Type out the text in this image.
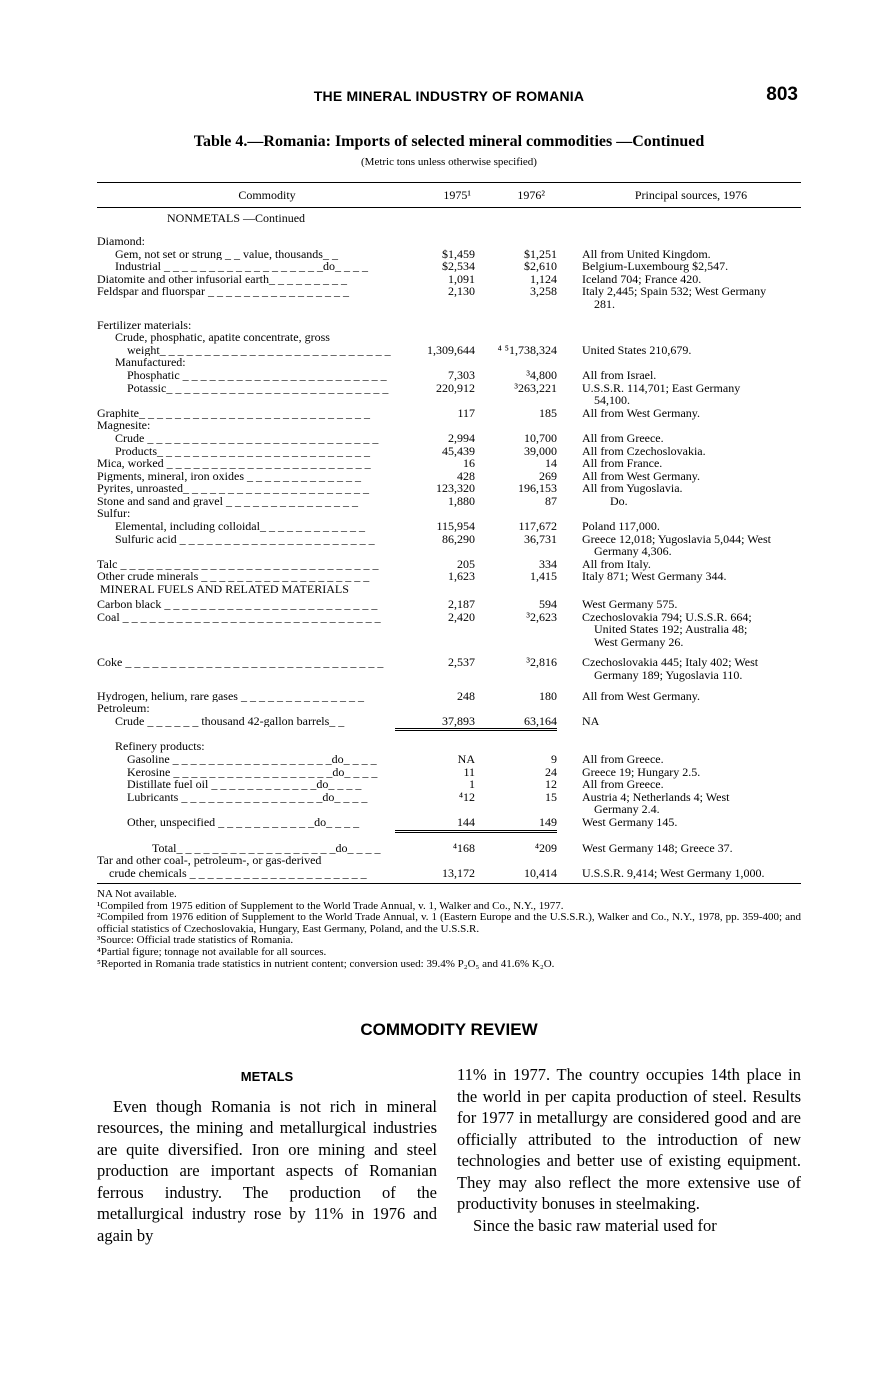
THE MINERAL INDUSTRY OF ROMANIA	803
Table 4.—Romania: Imports of selected mineral commodities —Continued
(Metric tons unless otherwise specified)
Commodity	1975¹	1976²	Principal sources, 1976
NONMETALS —Continued
Diamond:
Gem, not set or strung _ _ value, thousands_ _	$1,459	$1,251 All from United Kingdom.
Industrial _ _ _ _ _ _ _ _ _ _ _ _ _ _ _ _ _ _do_ _ _ _	$2,534	$2,610 Belgium-Luxembourg $2,547.
Diatomite and other infusorial earth_ _ _ _ _ _ _ _ _	1,091	1,124 Iceland 704; France 420.
Feldspar and fluorspar _ _ _ _ _ _ _ _ _ _ _ _ _ _ _ _	2,130	3,258 Italy 2,445; Spain 532; West Germany
281.
Fertilizer materials:
Crude, phosphatic, apatite concentrate, gross
weight_ _ _ _ _ _ _ _ _ _ _ _ _ _ _ _ _ _ _ _ _ _ _ _ _ _	1,309,644	⁴ ⁵1,738,324 United States 210,679.
Manufactured:
Phosphatic _ _ _ _ _ _ _ _ _ _ _ _ _ _ _ _ _ _ _ _ _ _ _	7,303	³4,800 All from Israel.
Potassic_ _ _ _ _ _ _ _ _ _ _ _ _ _ _ _ _ _ _ _ _ _ _ _ _	220,912	³263,221 U.S.S.R. 114,701; East Germany
54,100.
Graphite_ _ _ _ _ _ _ _ _ _ _ _ _ _ _ _ _ _ _ _ _ _ _ _ _ _	117	185 All from West Germany.
Magnesite:
Crude _ _ _ _ _ _ _ _ _ _ _ _ _ _ _ _ _ _ _ _ _ _ _ _ _ _	2,994	10,700 All from Greece.
Products_ _ _ _ _ _ _ _ _ _ _ _ _ _ _ _ _ _ _ _ _ _ _ _	45,439	39,000 All from Czechoslovakia.
Mica, worked _ _ _ _ _ _ _ _ _ _ _ _ _ _ _ _ _ _ _ _ _ _ _	16	14 All from France.
Pigments, mineral, iron oxides _ _ _ _ _ _ _ _ _ _ _ _ _	428	269 All from West Germany.
Pyrites, unroasted_ _ _ _ _ _ _ _ _ _ _ _ _ _ _ _ _ _ _ _ _	123,320	196,153 All from Yugoslavia.
Stone and sand and gravel _ _ _ _ _ _ _ _ _ _ _ _ _ _ _	1,880	87	Do.
Sulfur:
Elemental, including colloidal_ _ _ _ _ _ _ _ _ _ _ _	115,954	117,672 Poland 117,000.
Sulfuric acid _ _ _ _ _ _ _ _ _ _ _ _ _ _ _ _ _ _ _ _ _ _	86,290	36,731 Greece 12,018; Yugoslavia 5,044; West
Germany 4,306.
Talc _ _ _ _ _ _ _ _ _ _ _ _ _ _ _ _ _ _ _ _ _ _ _ _ _ _ _ _ _	205	334 All from Italy.
Other crude minerals _ _ _ _ _ _ _ _ _ _ _ _ _ _ _ _ _ _ _	1,623	1,415 Italy 871; West Germany 344.
MINERAL FUELS AND RELATED MATERIALS
Carbon black _ _ _ _ _ _ _ _ _ _ _ _ _ _ _ _ _ _ _ _ _ _ _ _	2,187	594 West Germany 575.
Coal _ _ _ _ _ _ _ _ _ _ _ _ _ _ _ _ _ _ _ _ _ _ _ _ _ _ _ _ _	2,420	³2,623 Czechoslovakia 794; U.S.S.R. 664;
United States 192; Australia 48;
West Germany 26.
Coke _ _ _ _ _ _ _ _ _ _ _ _ _ _ _ _ _ _ _ _ _ _ _ _ _ _ _ _ _	2,537	³2,816 Czechoslovakia 445; Italy 402; West
Germany 189; Yugoslavia 110.
Hydrogen, helium, rare gases _ _ _ _ _ _ _ _ _ _ _ _ _ _	248	180 All from West Germany.
Petroleum:
Crude _ _ _ _ _ _ thousand 42-gallon barrels_ _	37,893	63,164 NA
Refinery products:
Gasoline _ _ _ _ _ _ _ _ _ _ _ _ _ _ _ _ _ _do_ _ _ _	NA	9 All from Greece.
Kerosine _ _ _ _ _ _ _ _ _ _ _ _ _ _ _ _ _ _do_ _ _ _	11	24 Greece 19; Hungary 2.5.
Distillate fuel oil _ _ _ _ _ _ _ _ _ _ _ _do_ _ _ _	1	12 All from Greece.
Lubricants _ _ _ _ _ _ _ _ _ _ _ _ _ _ _ _do_ _ _ _	⁴12	15 Austria 4; Netherlands 4; West
Germany 2.4.
Other, unspecified _ _ _ _ _ _ _ _ _ _ _do_ _ _ _	144	149 West Germany 145.
Total_ _ _ _ _ _ _ _ _ _ _ _ _ _ _ _ _ _do_ _ _ _	⁴168	⁴209 West Germany 148; Greece 37.
Tar and other coal-, petroleum-, or gas-derived
crude chemicals _ _ _ _ _ _ _ _ _ _ _ _ _ _ _ _ _ _ _ _	13,172	10,414 U.S.S.R. 9,414; West Germany 1,000.
NA Not available.
¹Compiled from 1975 edition of Supplement to the World Trade Annual, v. 1, Walker and Co., N.Y., 1977.
²Compiled from 1976 edition of Supplement to the World Trade Annual, v. 1 (Eastern Europe and the U.S.S.R.), Walker and Co., N.Y., 1978, pp. 359-400; and official statistics of Czechoslovakia, Hungary, East Germany, Poland, and the U.S.S.R.
³Source: Official trade statistics of Romania.
⁴Partial figure; tonnage not available for all sources.
⁵Reported in Romania trade statistics in nutrient content; conversion used: 39.4% P₂O₅ and 41.6% K₂O.
COMMODITY REVIEW
METALS
Even though Romania is not rich in mineral resources, the mining and metallurgical industries are quite diversified. Iron ore mining and steel production are important aspects of Romanian ferrous industry. The production of the metallurgical industry rose by 11% in 1976 and again by
11% in 1977. The country occupies 14th place in the world in per capita production of steel. Results for 1977 in metallurgy are considered good and are officially attributed to the introduction of new technologies and better use of existing equipment. They may also reflect the more extensive use of productivity bonuses in steelmaking.
Since the basic raw material used for
